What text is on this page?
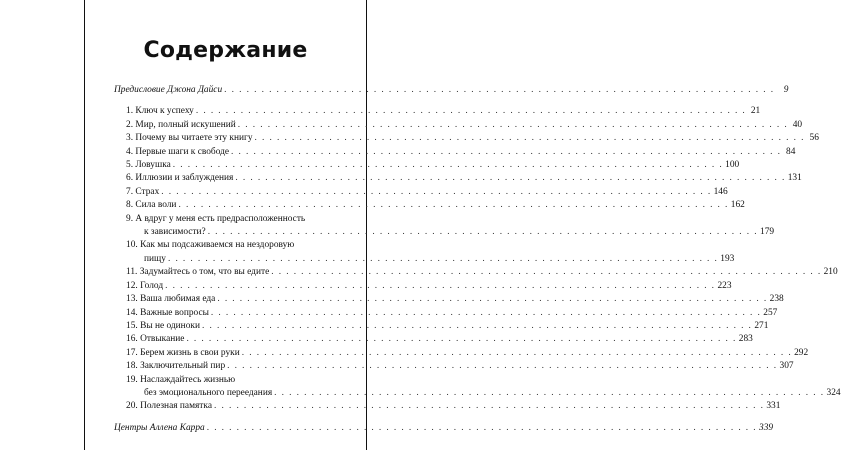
Содержание
Предисловие Джона Дайси . . .	9
1. Ключ к успеху . . .	21
2. Мир, полный искушений . . .	40
3. Почему вы читаете эту книгу . . .	56
4. Первые шаги к свободе . . .	84
5. Ловушка . . .	100
6. Иллюзии и заблуждения . . .	131
7. Страх . . .	146
8. Сила воли . . .	162
9. А вдруг у меня есть предрасположенность
к зависимости? . . .	179
10. Как мы подсаживаемся на нездоровую
пищу . . .	193
11. Задумайтесь о том, что вы едите . . .	210
12. Голод . . .	223
13. Ваша любимая еда . . .	238
14. Важные вопросы . . .	257
15. Вы не одиноки . . .	271
16. Отвыкание . . .	283
17. Берем жизнь в свои руки . . .	292
18. Заключительный пир . . .	307
19. Наслаждайтесь жизнью
без эмоционального переедания . . .	324
20. Полезная памятка . . .	331
Центры Аллена Карра . . .	339
